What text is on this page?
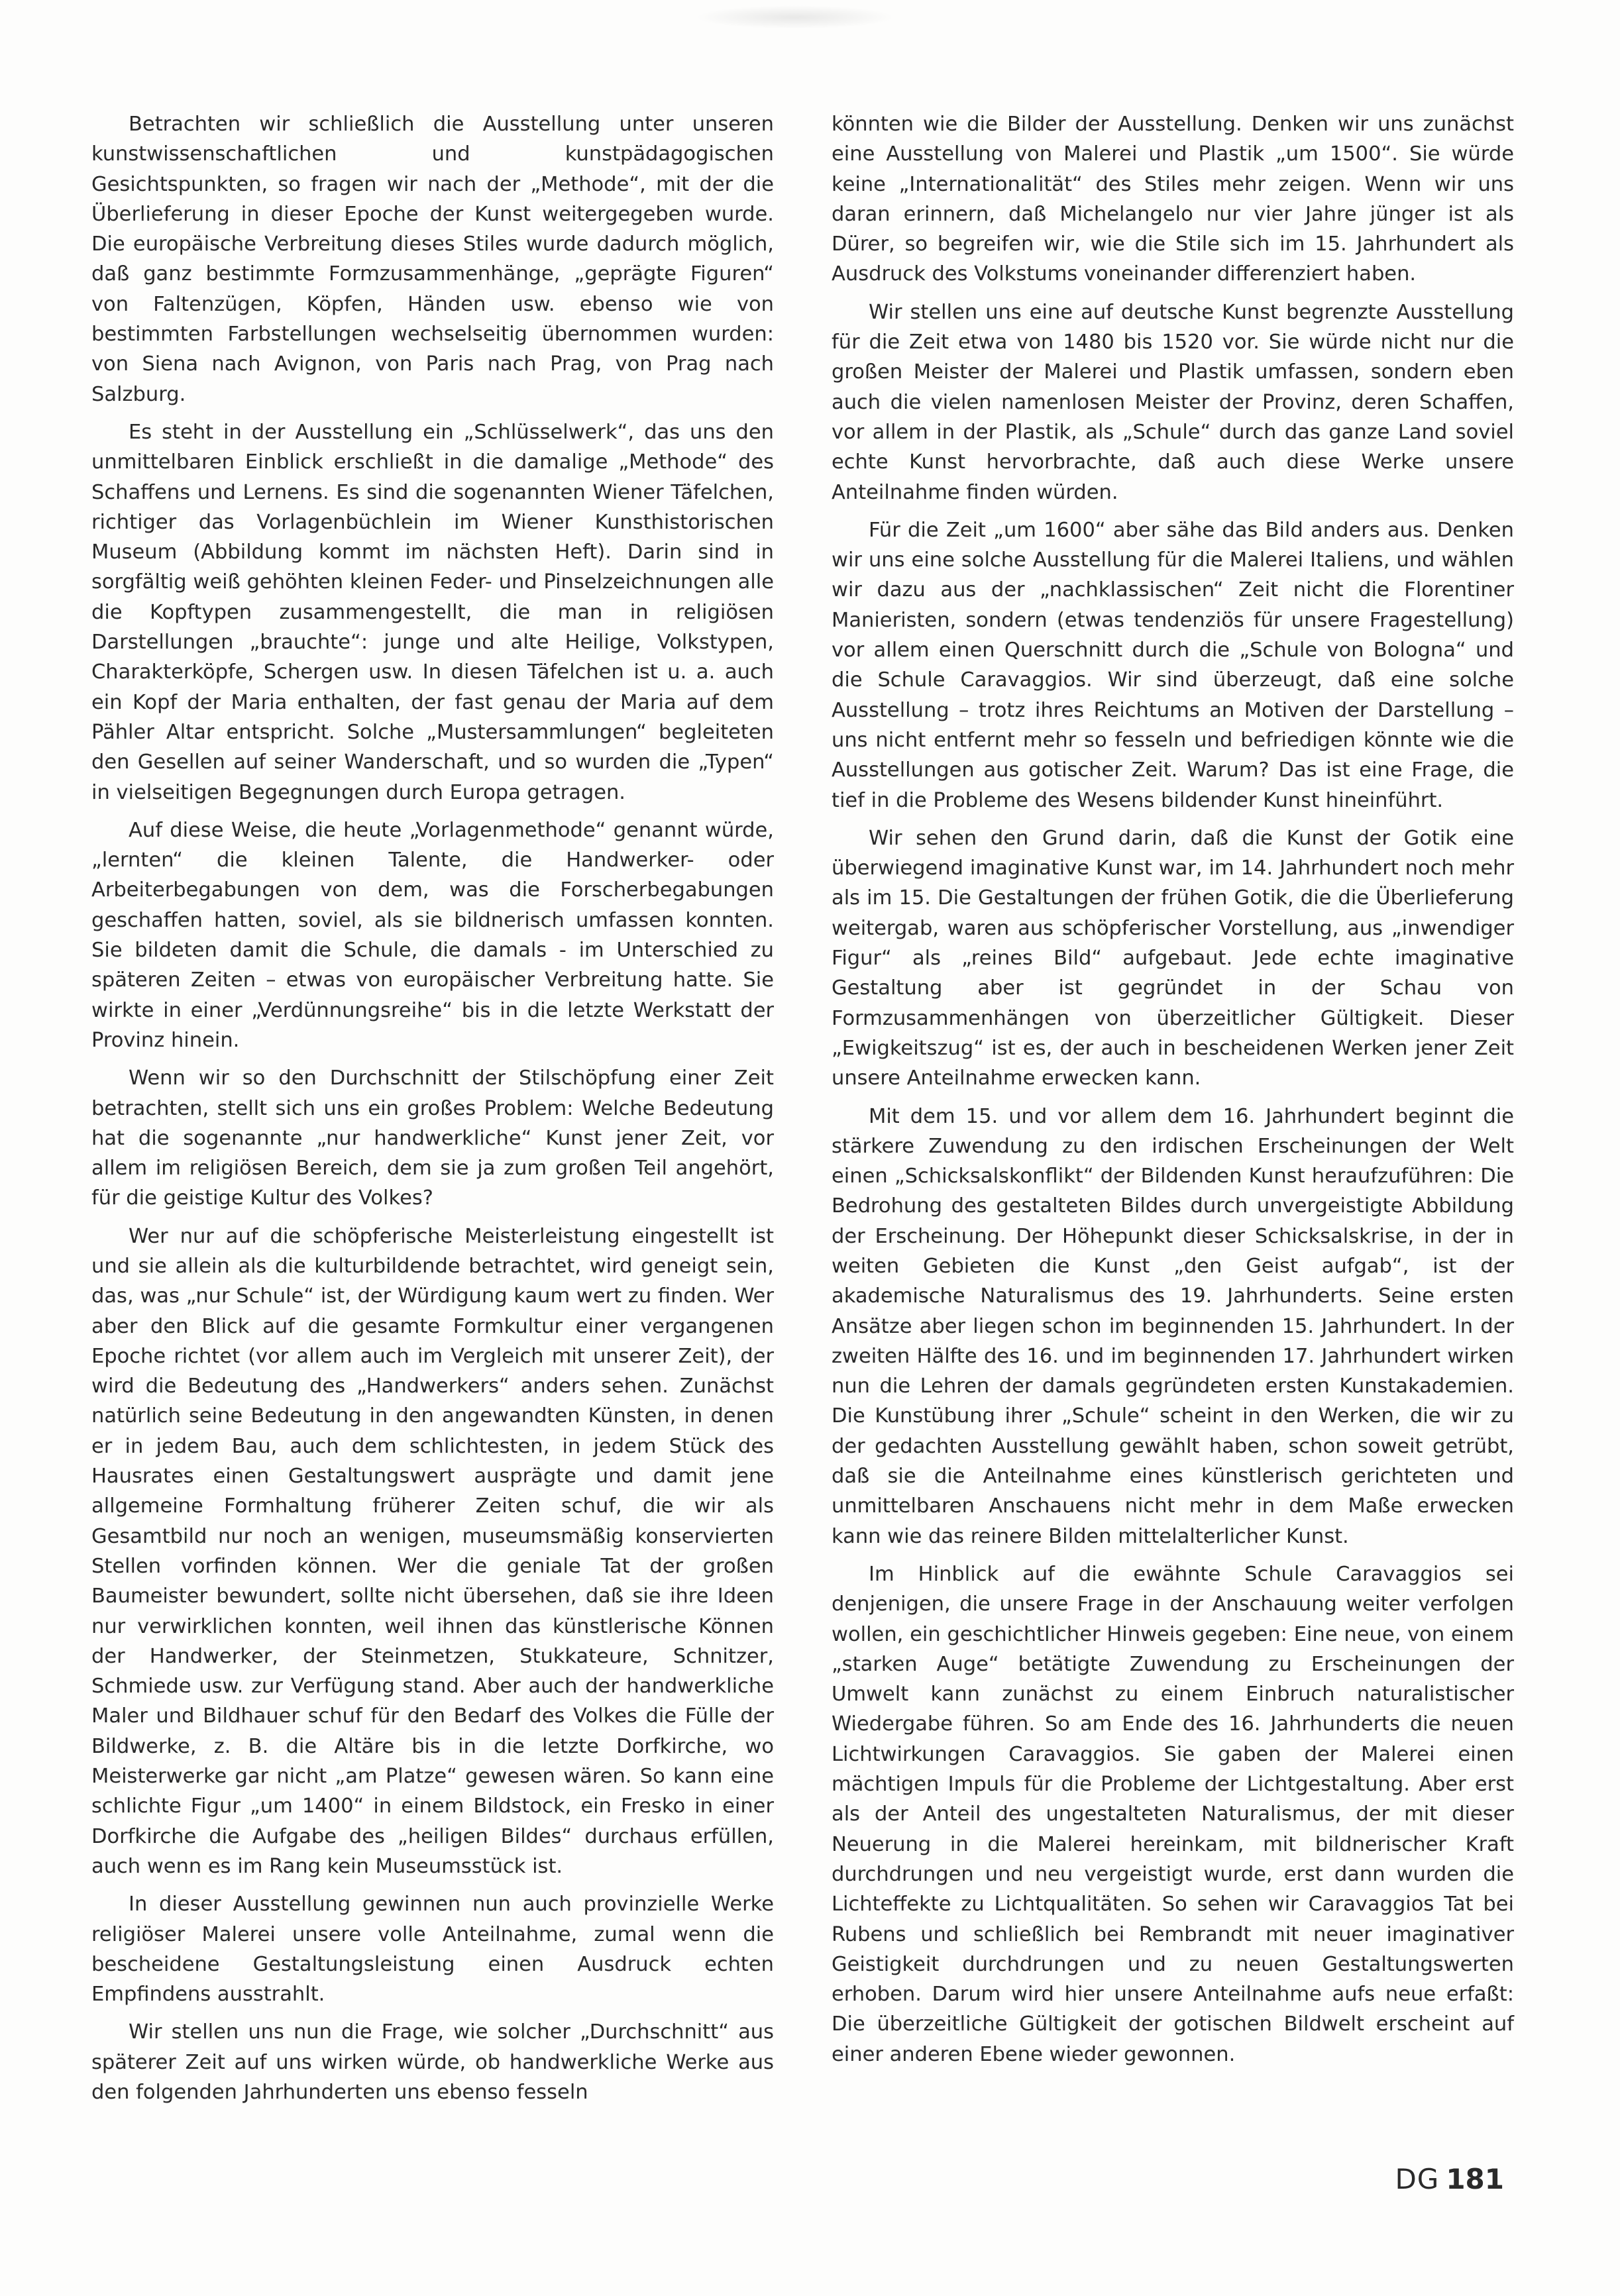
Betrachten wir schließlich die Ausstellung unter unseren kunstwissenschaftlichen und kunstpädagogischen Gesichtspunkten, so fragen wir nach der „Methode“, mit der die Überlieferung in dieser Epoche der Kunst weitergegeben wurde. Die europäische Verbreitung dieses Stiles wurde dadurch möglich, daß ganz bestimmte Formzusammenhänge, „geprägte Figuren“ von Faltenzügen, Köpfen, Händen usw. ebenso wie von bestimmten Farbstellungen wechselseitig übernommen wurden: von Siena nach Avignon, von Paris nach Prag, von Prag nach Salzburg.

Es steht in der Ausstellung ein „Schlüsselwerk“, das uns den unmittelbaren Einblick erschließt in die damalige „Methode“ des Schaffens und Lernens. Es sind die sogenannten Wiener Täfelchen, richtiger das Vorlagenbüchlein im Wiener Kunsthistorischen Museum (Abbildung kommt im nächsten Heft). Darin sind in sorgfältig weiß gehöhten kleinen Feder- und Pinselzeichnungen alle die Kopftypen zusammengestellt, die man in religiösen Darstellungen „brauchte“: junge und alte Heilige, Volkstypen, Charakterköpfe, Schergen usw. In diesen Täfelchen ist u. a. auch ein Kopf der Maria enthalten, der fast genau der Maria auf dem Pähler Altar entspricht. Solche „Mustersammlungen“ begleiteten den Gesellen auf seiner Wanderschaft, und so wurden die „Typen“ in vielseitigen Begegnungen durch Europa getragen.

Auf diese Weise, die heute „Vorlagenmethode“ genannt würde, „lernten“ die kleinen Talente, die Handwerker- oder Arbeiterbegabungen von dem, was die Forscherbegabungen geschaffen hatten, soviel, als sie bildnerisch umfassen konnten. Sie bildeten damit die Schule, die damals - im Unterschied zu späteren Zeiten – etwas von europäischer Verbreitung hatte. Sie wirkte in einer „Verdünnungsreihe“ bis in die letzte Werkstatt der Provinz hinein.

Wenn wir so den Durchschnitt der Stilschöpfung einer Zeit betrachten, stellt sich uns ein großes Problem: Welche Bedeutung hat die sogenannte „nur handwerkliche“ Kunst jener Zeit, vor allem im religiösen Bereich, dem sie ja zum großen Teil angehört, für die geistige Kultur des Volkes?

Wer nur auf die schöpferische Meisterleistung eingestellt ist und sie allein als die kulturbildende betrachtet, wird geneigt sein, das, was „nur Schule“ ist, der Würdigung kaum wert zu finden. Wer aber den Blick auf die gesamte Formkultur einer vergangenen Epoche richtet (vor allem auch im Vergleich mit unserer Zeit), der wird die Bedeutung des „Handwerkers“ anders sehen. Zunächst natürlich seine Bedeutung in den angewandten Künsten, in denen er in jedem Bau, auch dem schlichtesten, in jedem Stück des Hausrates einen Gestaltungswert ausprägte und damit jene allgemeine Formhaltung früherer Zeiten schuf, die wir als Gesamtbild nur noch an wenigen, museumsmäßig konservierten Stellen vorfinden können. Wer die geniale Tat der großen Baumeister bewundert, sollte nicht übersehen, daß sie ihre Ideen nur verwirklichen konnten, weil ihnen das künstlerische Können der Handwerker, der Steinmetzen, Stukkateure, Schnitzer, Schmiede usw. zur Verfügung stand. Aber auch der handwerkliche Maler und Bildhauer schuf für den Bedarf des Volkes die Fülle der Bildwerke, z. B. die Altäre bis in die letzte Dorfkirche, wo Meisterwerke gar nicht „am Platze“ gewesen wären. So kann eine schlichte Figur „um 1400“ in einem Bildstock, ein Fresko in einer Dorfkirche die Aufgabe des „heiligen Bildes“ durchaus erfüllen, auch wenn es im Rang kein Museumsstück ist.

In dieser Ausstellung gewinnen nun auch provinzielle Werke religiöser Malerei unsere volle Anteilnahme, zumal wenn die bescheidene Gestaltungsleistung einen Ausdruck echten Empfindens ausstrahlt.

Wir stellen uns nun die Frage, wie solcher „Durchschnitt“ aus späterer Zeit auf uns wirken würde, ob handwerkliche Werke aus den folgenden Jahrhunderten uns ebenso fesseln

könnten wie die Bilder der Ausstellung. Denken wir uns zunächst eine Ausstellung von Malerei und Plastik „um 1500“. Sie würde keine „Internationalität“ des Stiles mehr zeigen. Wenn wir uns daran erinnern, daß Michelangelo nur vier Jahre jünger ist als Dürer, so begreifen wir, wie die Stile sich im 15. Jahrhundert als Ausdruck des Volkstums voneinander differenziert haben.

Wir stellen uns eine auf deutsche Kunst begrenzte Ausstellung für die Zeit etwa von 1480 bis 1520 vor. Sie würde nicht nur die großen Meister der Malerei und Plastik umfassen, sondern eben auch die vielen namenlosen Meister der Provinz, deren Schaffen, vor allem in der Plastik, als „Schule“ durch das ganze Land soviel echte Kunst hervorbrachte, daß auch diese Werke unsere Anteilnahme finden würden.

Für die Zeit „um 1600“ aber sähe das Bild anders aus. Denken wir uns eine solche Ausstellung für die Malerei Italiens, und wählen wir dazu aus der „nachklassischen“ Zeit nicht die Florentiner Manieristen, sondern (etwas tendenziös für unsere Fragestellung) vor allem einen Querschnitt durch die „Schule von Bologna“ und die Schule Caravaggios. Wir sind überzeugt, daß eine solche Ausstellung – trotz ihres Reichtums an Motiven der Darstellung – uns nicht entfernt mehr so fesseln und befriedigen könnte wie die Ausstellungen aus gotischer Zeit. Warum? Das ist eine Frage, die tief in die Probleme des Wesens bildender Kunst hineinführt.

Wir sehen den Grund darin, daß die Kunst der Gotik eine überwiegend imaginative Kunst war, im 14. Jahrhundert noch mehr als im 15. Die Gestaltungen der frühen Gotik, die die Überlieferung weitergab, waren aus schöpferischer Vorstellung, aus „inwendiger Figur“ als „reines Bild“ aufgebaut. Jede echte imaginative Gestaltung aber ist gegründet in der Schau von Formzusammenhängen von überzeitlicher Gültigkeit. Dieser „Ewigkeitszug“ ist es, der auch in bescheidenen Werken jener Zeit unsere Anteilnahme erwecken kann.

Mit dem 15. und vor allem dem 16. Jahrhundert beginnt die stärkere Zuwendung zu den irdischen Erscheinungen der Welt einen „Schicksalskonflikt“ der Bildenden Kunst heraufzuführen: Die Bedrohung des gestalteten Bildes durch unvergeistigte Abbildung der Erscheinung. Der Höhepunkt dieser Schicksalskrise, in der in weiten Gebieten die Kunst „den Geist aufgab“, ist der akademische Naturalismus des 19. Jahrhunderts. Seine ersten Ansätze aber liegen schon im beginnenden 15. Jahrhundert. In der zweiten Hälfte des 16. und im beginnenden 17. Jahrhundert wirken nun die Lehren der damals gegründeten ersten Kunstakademien. Die Kunstübung ihrer „Schule“ scheint in den Werken, die wir zu der gedachten Ausstellung gewählt haben, schon soweit getrübt, daß sie die Anteilnahme eines künstlerisch gerichteten und unmittelbaren Anschauens nicht mehr in dem Maße erwecken kann wie das reinere Bilden mittelalterlicher Kunst.

Im Hinblick auf die ewähnte Schule Caravaggios sei denjenigen, die unsere Frage in der Anschauung weiter verfolgen wollen, ein geschichtlicher Hinweis gegeben: Eine neue, von einem „starken Auge“ betätigte Zuwendung zu Erscheinungen der Umwelt kann zunächst zu einem Einbruch naturalistischer Wiedergabe führen. So am Ende des 16. Jahrhunderts die neuen Lichtwirkungen Caravaggios. Sie gaben der Malerei einen mächtigen Impuls für die Probleme der Lichtgestaltung. Aber erst als der Anteil des ungestalteten Naturalismus, der mit dieser Neuerung in die Malerei hereinkam, mit bildnerischer Kraft durchdrungen und neu vergeistigt wurde, erst dann wurden die Lichteffekte zu Lichtqualitäten. So sehen wir Caravaggios Tat bei Rubens und schließlich bei Rembrandt mit neuer imaginativer Geistigkeit durchdrungen und zu neuen Gestaltungswerten erhoben. Darum wird hier unsere Anteilnahme aufs neue erfaßt: Die überzeitliche Gültigkeit der gotischen Bildwelt erscheint auf einer anderen Ebene wieder gewonnen.

DG 181
